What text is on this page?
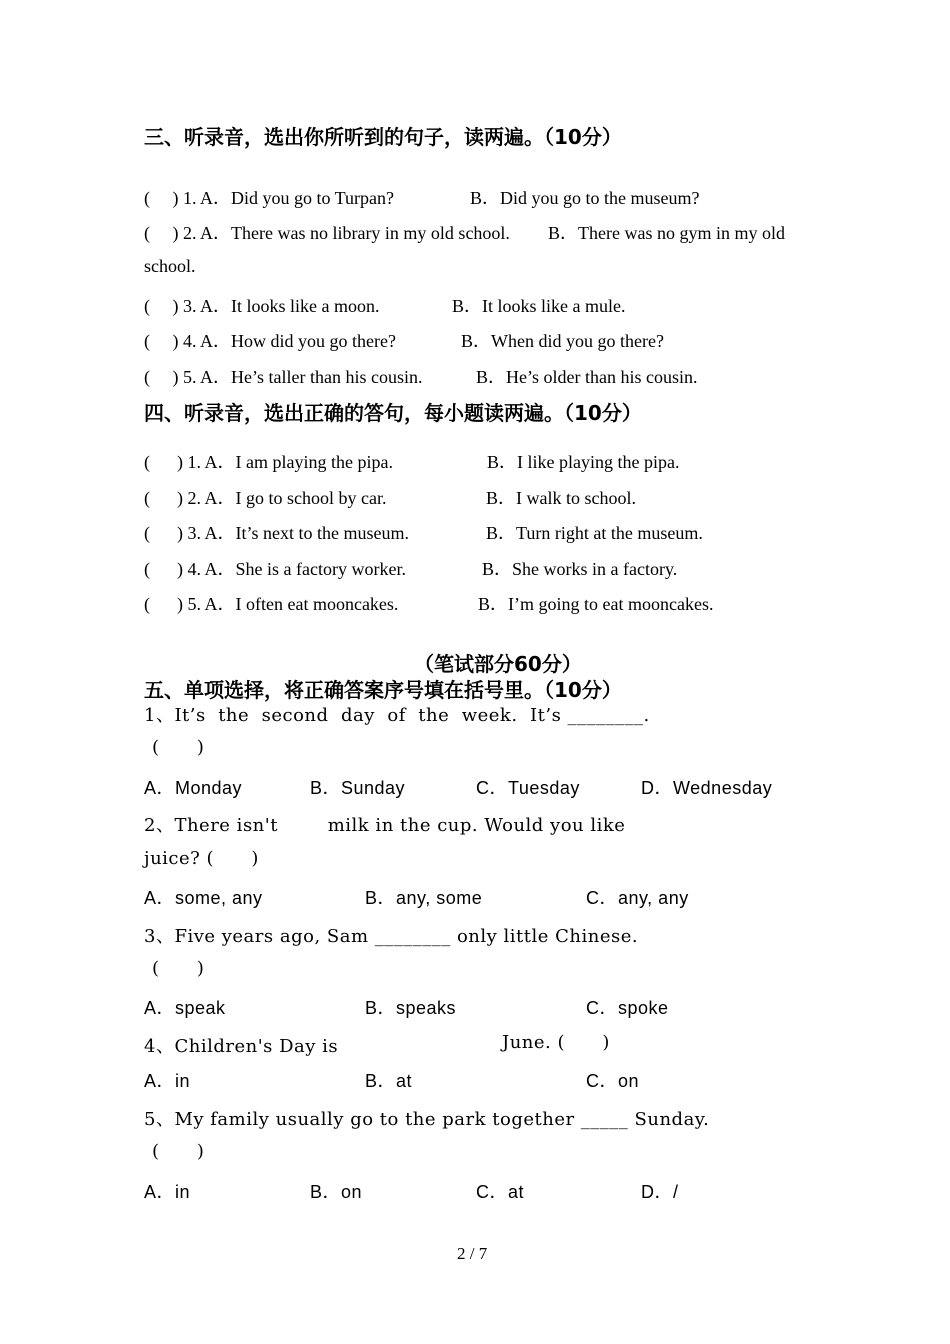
三、听录音，选出你所听到的句子，读两遍。（10分）
(     ) 1. A．Did you go to Turpan?	B．Did you go to the museum?
(     ) 2. A．There was no library in my old school. B．There was no gym in my old
school.
(     ) 3. A．It looks like a moon.	B．It looks like a mule.
(     ) 4. A．How did you go there?	B．When did you go there?
(     ) 5. A．He’s taller than his cousin.	B．He’s older than his cousin.
四、听录音，选出正确的答句，每小题读两遍。（10分）
(      ) 1. A．I am playing the pipa.	B．I like playing the pipa.
(      ) 2. A．I go to school by car.	B．I walk to school.
(      ) 3. A．It’s next to the museum.	B．Turn right at the museum.
(      ) 4. A．She is a factory worker.	B．She works in a factory.
(      ) 5. A．I often eat mooncakes.	B．I’m going to eat mooncakes.
（笔试部分60分）
五、单项选择，将正确答案序号填在括号里。（10分）
1、It’s  the  second  day  of  the  week.  It’s ________.
(      )
A．Monday	B．Sunday	C．Tuesday	D．Wednesday
2、There isn't        milk in the cup. Would you like
juice? (      )
A．some, any	B．any, some	C．any, any
3、Five years ago, Sam ________ only little Chinese.
(      )
A．speak	B．speaks	C．spoke
4、Children's Day is	June. (      )
A．in	B．at	C．on
5、My family usually go to the park together _____ Sunday.
(      )
A．in	B．on	C．at	D．/
2 / 7
